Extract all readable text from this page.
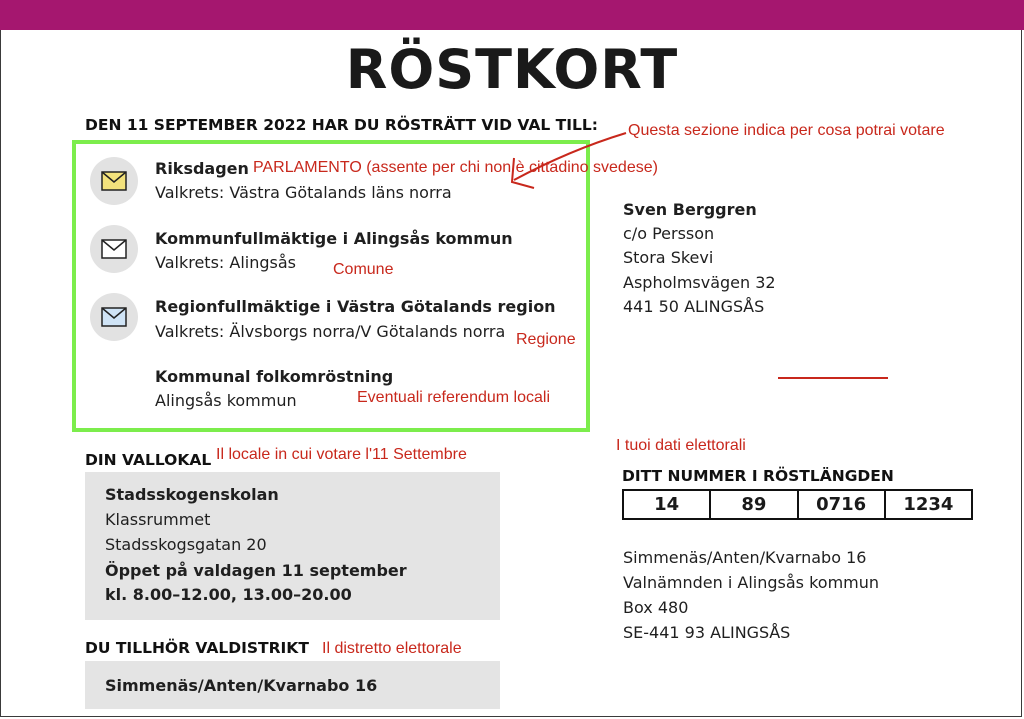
RÖSTKORT
DEN 11 SEPTEMBER 2022 HAR DU RÖSTRÄTT VID VAL TILL:
Riksdagen
Valkrets: Västra Götalands läns norra
Kommunfullmäktige i Alingsås kommun
Valkrets: Alingsås
Regionfullmäktige i Västra Götalands region
Valkrets: Älvsborgs norra/V Götalands norra
Kommunal folkomröstning
Alingsås kommun
Sven Berggren
c/o Persson
Stora Skevi
Aspholmsvägen 32
441 50 ALINGSÅS
DIN VALLOKAL
Stadsskogenskolan
Klassrummet
Stadsskogsgatan 20
Öppet på valdagen 11 september
kl. 8.00–12.00, 13.00–20.00
DU TILLHÖR VALDISTRIKT
Simmenäs/Anten/Kvarnabo 16
DITT NUMMER I RÖSTLÄNGDEN
14	89	0716	1234
Simmenäs/Anten/Kvarnabo 16
Valnämnden i Alingsås kommun
Box 480
SE-441 93 ALINGSÅS
Questa sezione indica per cosa potrai votare
PARLAMENTO (assente per chi non è cittadino svedese)
Comune
Regione
Eventuali referendum locali
Il locale in cui votare l'11 Settembre
Il distretto elettorale
I tuoi dati elettorali
